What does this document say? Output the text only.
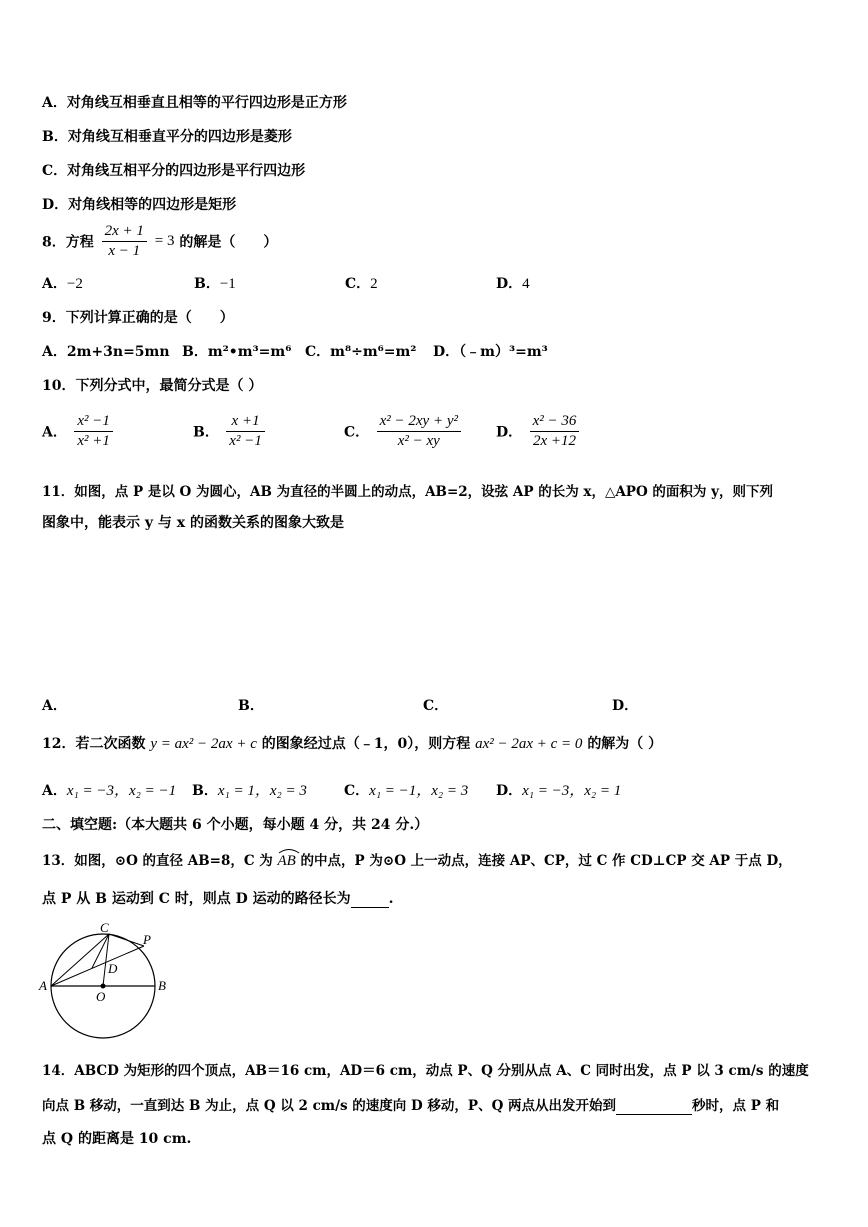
A．对角线互相垂直且相等的平行四边形是正方形
B．对角线互相垂直平分的四边形是菱形
C．对角线互相平分的四边形是平行四边形
D．对角线相等的四边形是矩形
8．方程 $\frac{2x + 1}{x - 1} = 3$ 的解是（　　）
A．−2	B．−1	C．2	D．4
9．下列计算正确的是（　　）
A．2m+3n=5mn B．m²•m³=m⁶ C．m⁸÷m⁶=m² D．（﹣m）³=m³
10．下列分式中，最简分式是（ ）
A． $\frac{\text{x² −1}}{\text{x² +1}}$	B． $\frac{x +1}{\text{x² −1}}$	C． $\frac{\text{x² − 2xy + y²}}{\text{x² − xy}}$	D． $\frac{\text{x² − 36}}{2x +12}$
11．如图，点 P 是以 O 为圆心，AB 为直径的半圆上的动点，AB=2，设弦 AP 的长为 x，△APO 的面积为 y，则下列
图象中，能表示 y 与 x 的函数关系的图象大致是
A．	B．	C．	D．
12．若二次函数 y = ax² − 2ax + c 的图象经过点（﹣1，0），则方程 ax² − 2ax + c = 0 的解为（ ）
A．x₁ = −3，x₂ = −1 B．x₁ = 1，x₂ = 3	C．x₁ = −1，x₂ = 3 D．x₁ = −3，x₂ = 1
二、填空题:（本大题共 6 个小题，每小题 4 分，共 24 分.）
13．如图，⊙O 的直径 AB=8，C 为 AB 的中点，P 为⊙O 上一动点，连接 AP、CP，过 C 作 CD⊥CP 交 AP 于点 D，
点 P 从 B 运动到 C 时，则点 D 运动的路径长为	.
A	B
C
D
O
P
14．ABCD 为矩形的四个顶点，AB＝16 cm，AD＝6 cm，动点 P、Q 分别从点 A、C 同时出发，点 P 以 3 cm/s 的速度
向点 B 移动，一直到达 B 为止，点 Q 以 2 cm/s 的速度向 D 移动，P、Q 两点从出发开始到	秒时，点 P 和
点 Q 的距离是 10 cm.
